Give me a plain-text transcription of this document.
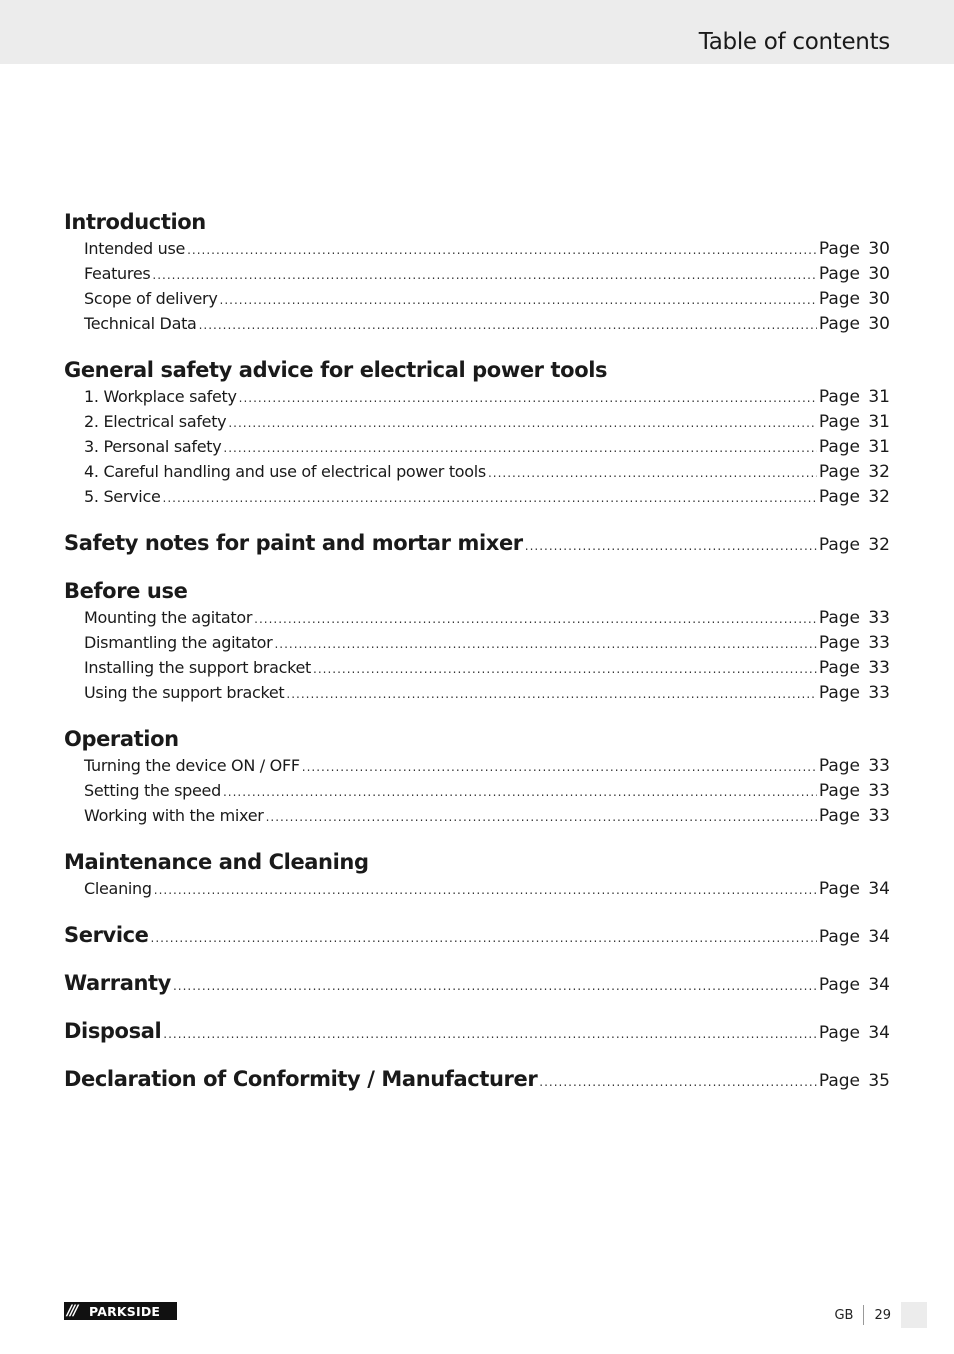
Table of contents
Introduction
Intended use .....	Page 30
Features .....	Page 30
Scope of delivery .....	Page 30
Technical Data .....	Page 30
General safety advice for electrical power tools
1. Workplace safety .....	Page 31
2. Electrical safety .....	Page 31
3. Personal safety .....	Page 31
4. Careful handling and use of electrical power tools .....	Page 32
5. Service .....	Page 32
Safety notes for paint and mortar mixer .....	Page 32
Before use
Mounting the agitator .....	Page 33
Dismantling the agitator .....	Page 33
Installing the support bracket .....	Page 33
Using the support bracket .....	Page 33
Operation
Turning the device ON / OFF .....	Page 33
Setting the speed .....	Page 33
Working with the mixer .....	Page 33
Maintenance and Cleaning
Cleaning .....	Page 34
Service .....	Page 34
Warranty .....	Page 34
Disposal .....	Page 34
Declaration of Conformity / Manufacturer .....	Page 35
///	PARKSIDE	GB	29
